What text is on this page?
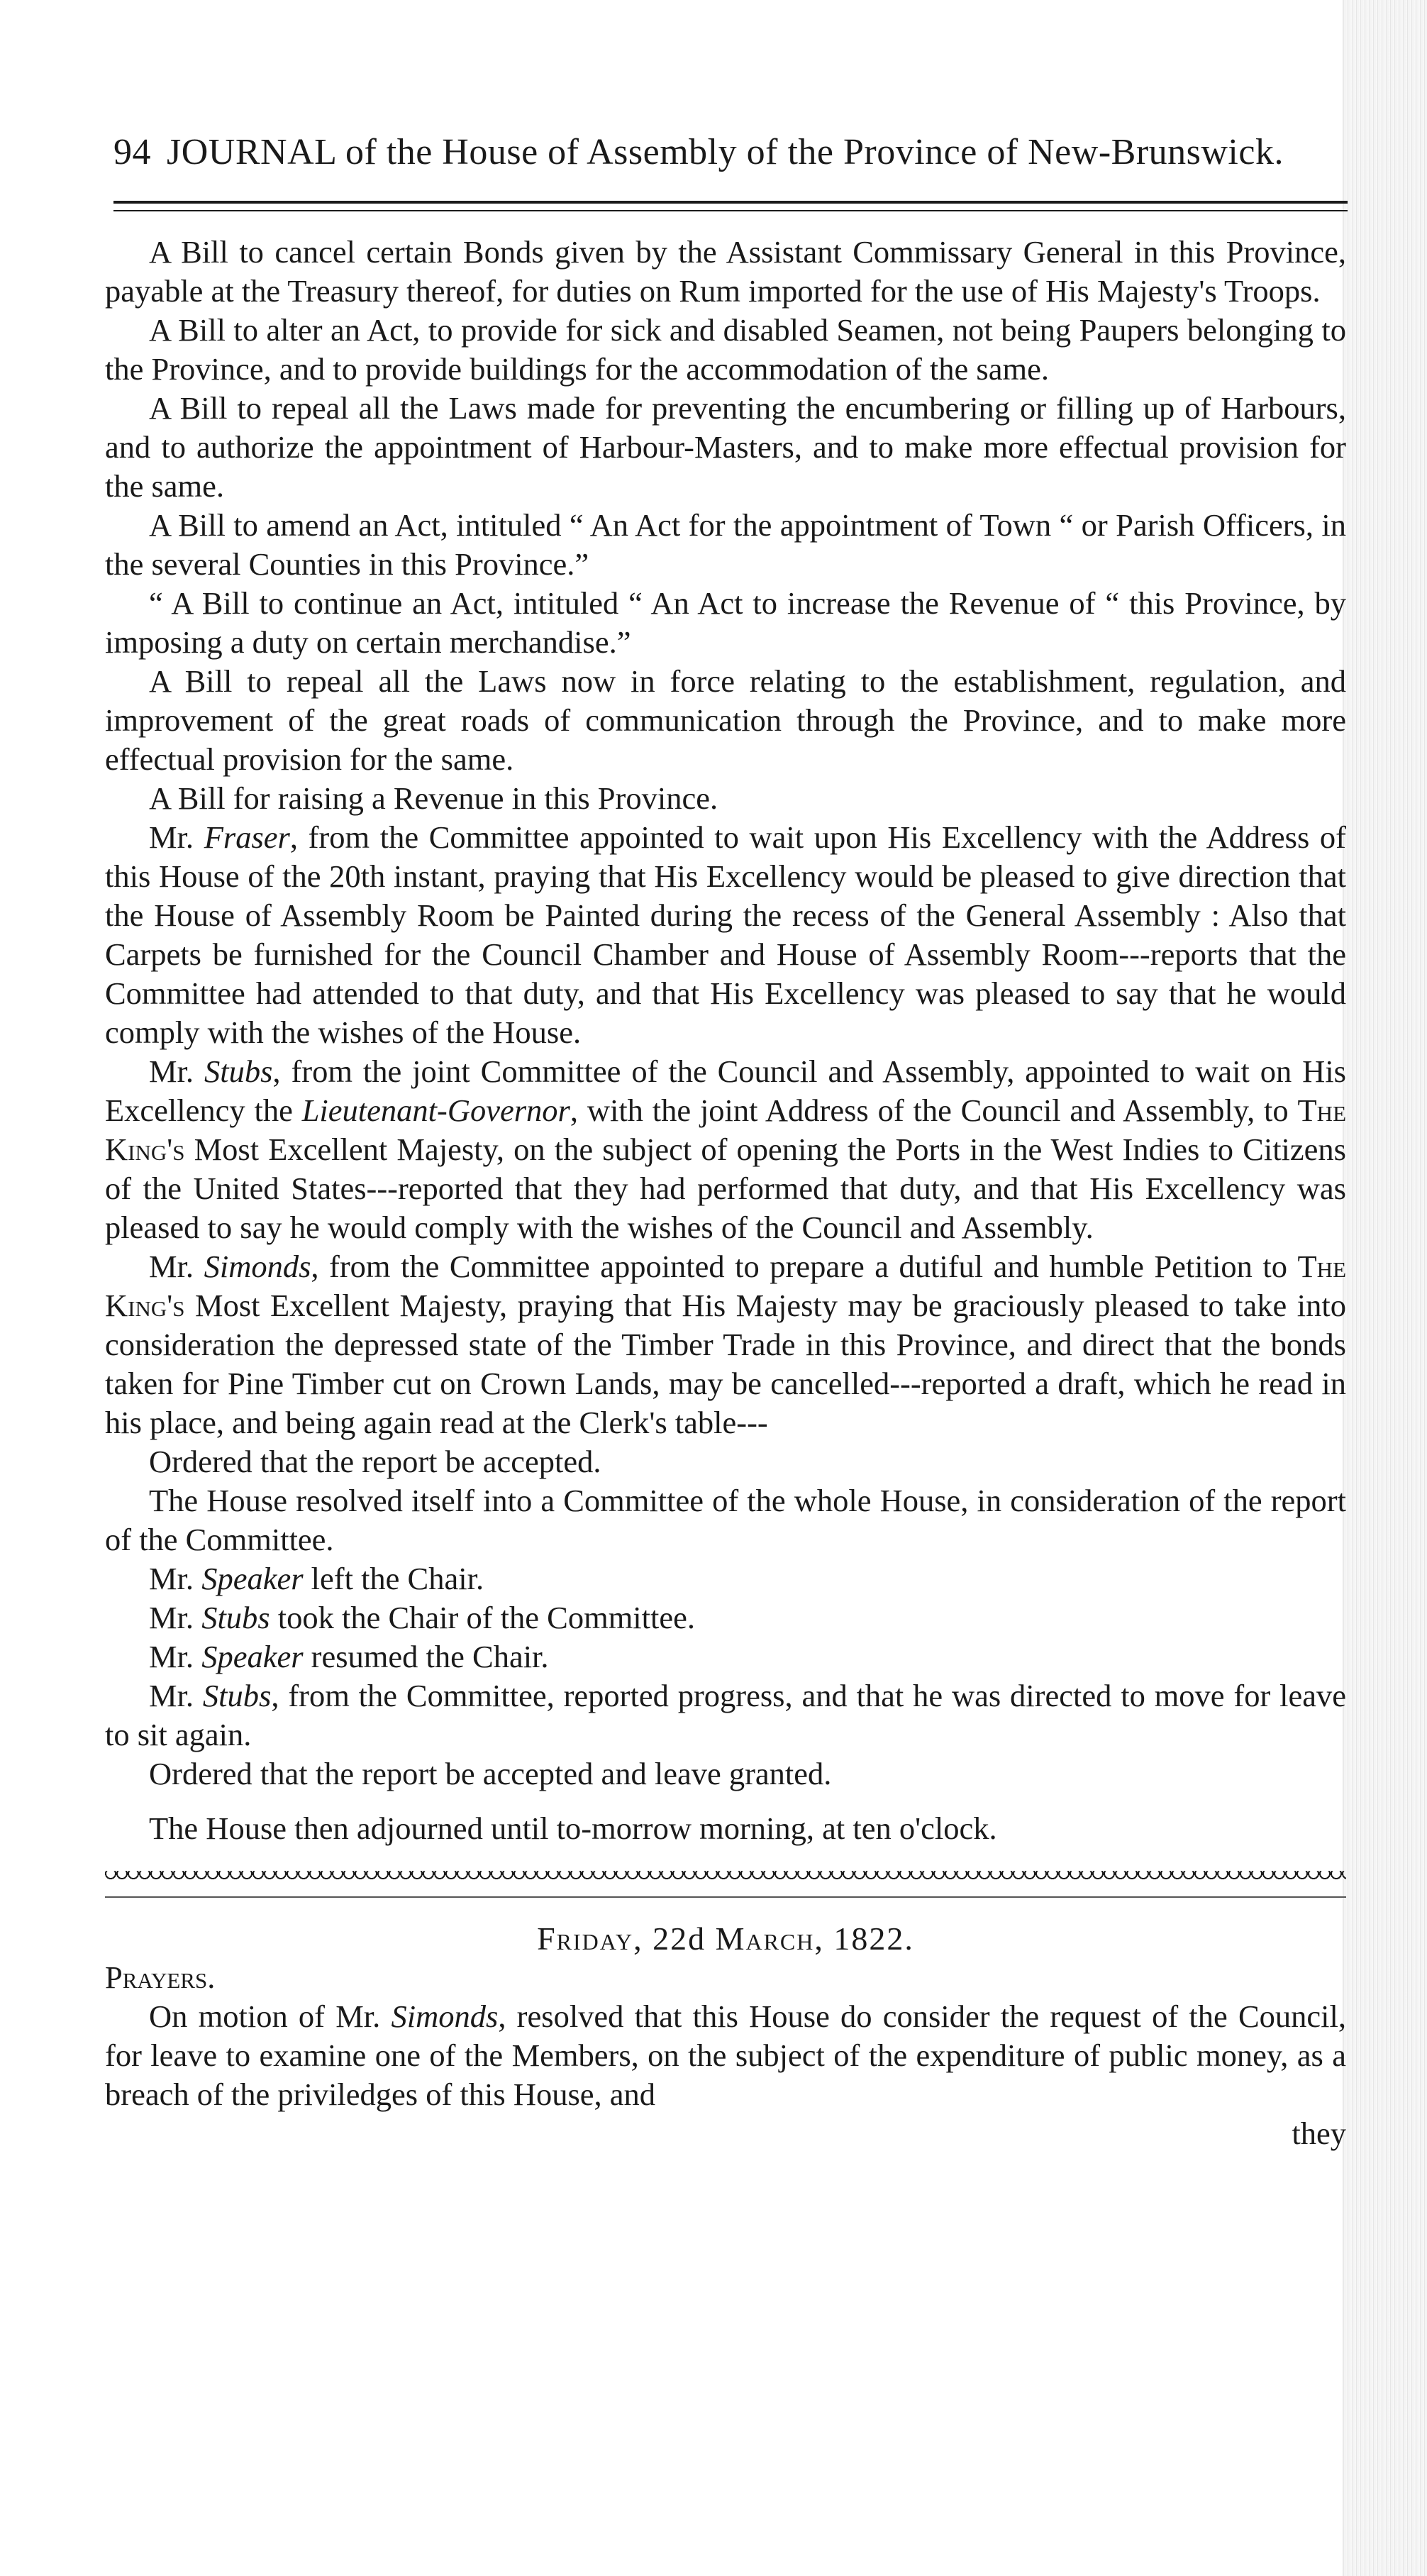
94 JOURNAL of the House of Assembly of the Province of New-Brunswick.

A Bill to cancel certain Bonds given by the Assistant Commissary General in this Province, payable at the Treasury thereof, for duties on Rum imported for the use of His Majesty's Troops.

A Bill to alter an Act, to provide for sick and disabled Seamen, not being Paupers belonging to the Province, and to provide buildings for the accommodation of the same.

A Bill to repeal all the Laws made for preventing the encumbering or filling up of Harbours, and to authorize the appointment of Harbour-Masters, and to make more effectual provision for the same.

A Bill to amend an Act, intituled “ An Act for the appointment of Town “ or Parish Officers, in the several Counties in this Province.”

“ A Bill to continue an Act, intituled “ An Act to increase the Revenue of “ this Province, by imposing a duty on certain merchandise.”

A Bill to repeal all the Laws now in force relating to the establishment, regulation, and improvement of the great roads of communication through the Province, and to make more effectual provision for the same.

A Bill for raising a Revenue in this Province.

Mr. Fraser, from the Committee appointed to wait upon His Excellency with the Address of this House of the 20th instant, praying that His Excellency would be pleased to give direction that the House of Assembly Room be Painted during the recess of the General Assembly : Also that Carpets be furnished for the Council Chamber and House of Assembly Room---reports that the Committee had attended to that duty, and that His Excellency was pleased to say that he would comply with the wishes of the House.

Mr. Stubs, from the joint Committee of the Council and Assembly, appointed to wait on His Excellency the Lieutenant-Governor, with the joint Address of the Council and Assembly, to The King's Most Excellent Majesty, on the subject of opening the Ports in the West Indies to Citizens of the United States---reported that they had performed that duty, and that His Excellency was pleased to say he would comply with the wishes of the Council and Assembly.

Mr. Simonds, from the Committee appointed to prepare a dutiful and humble Petition to The King's Most Excellent Majesty, praying that His Majesty may be graciously pleased to take into consideration the depressed state of the Timber Trade in this Province, and direct that the bonds taken for Pine Timber cut on Crown Lands, may be cancelled---reported a draft, which he read in his place, and being again read at the Clerk's table---

Ordered that the report be accepted.

The House resolved itself into a Committee of the whole House, in consideration of the report of the Committee.

Mr. Speaker left the Chair.

Mr. Stubs took the Chair of the Committee.

Mr. Speaker resumed the Chair.

Mr. Stubs, from the Committee, reported progress, and that he was directed to move for leave to sit again.

Ordered that the report be accepted and leave granted.

The House then adjourned until to-morrow morning, at ten o'clock.

Friday, 22d March, 1822.

Prayers.

On motion of Mr. Simonds, resolved that this House do consider the request of the Council, for leave to examine one of the Members, on the subject of the expenditure of public money, as a breach of the priviledges of this House, and

they
